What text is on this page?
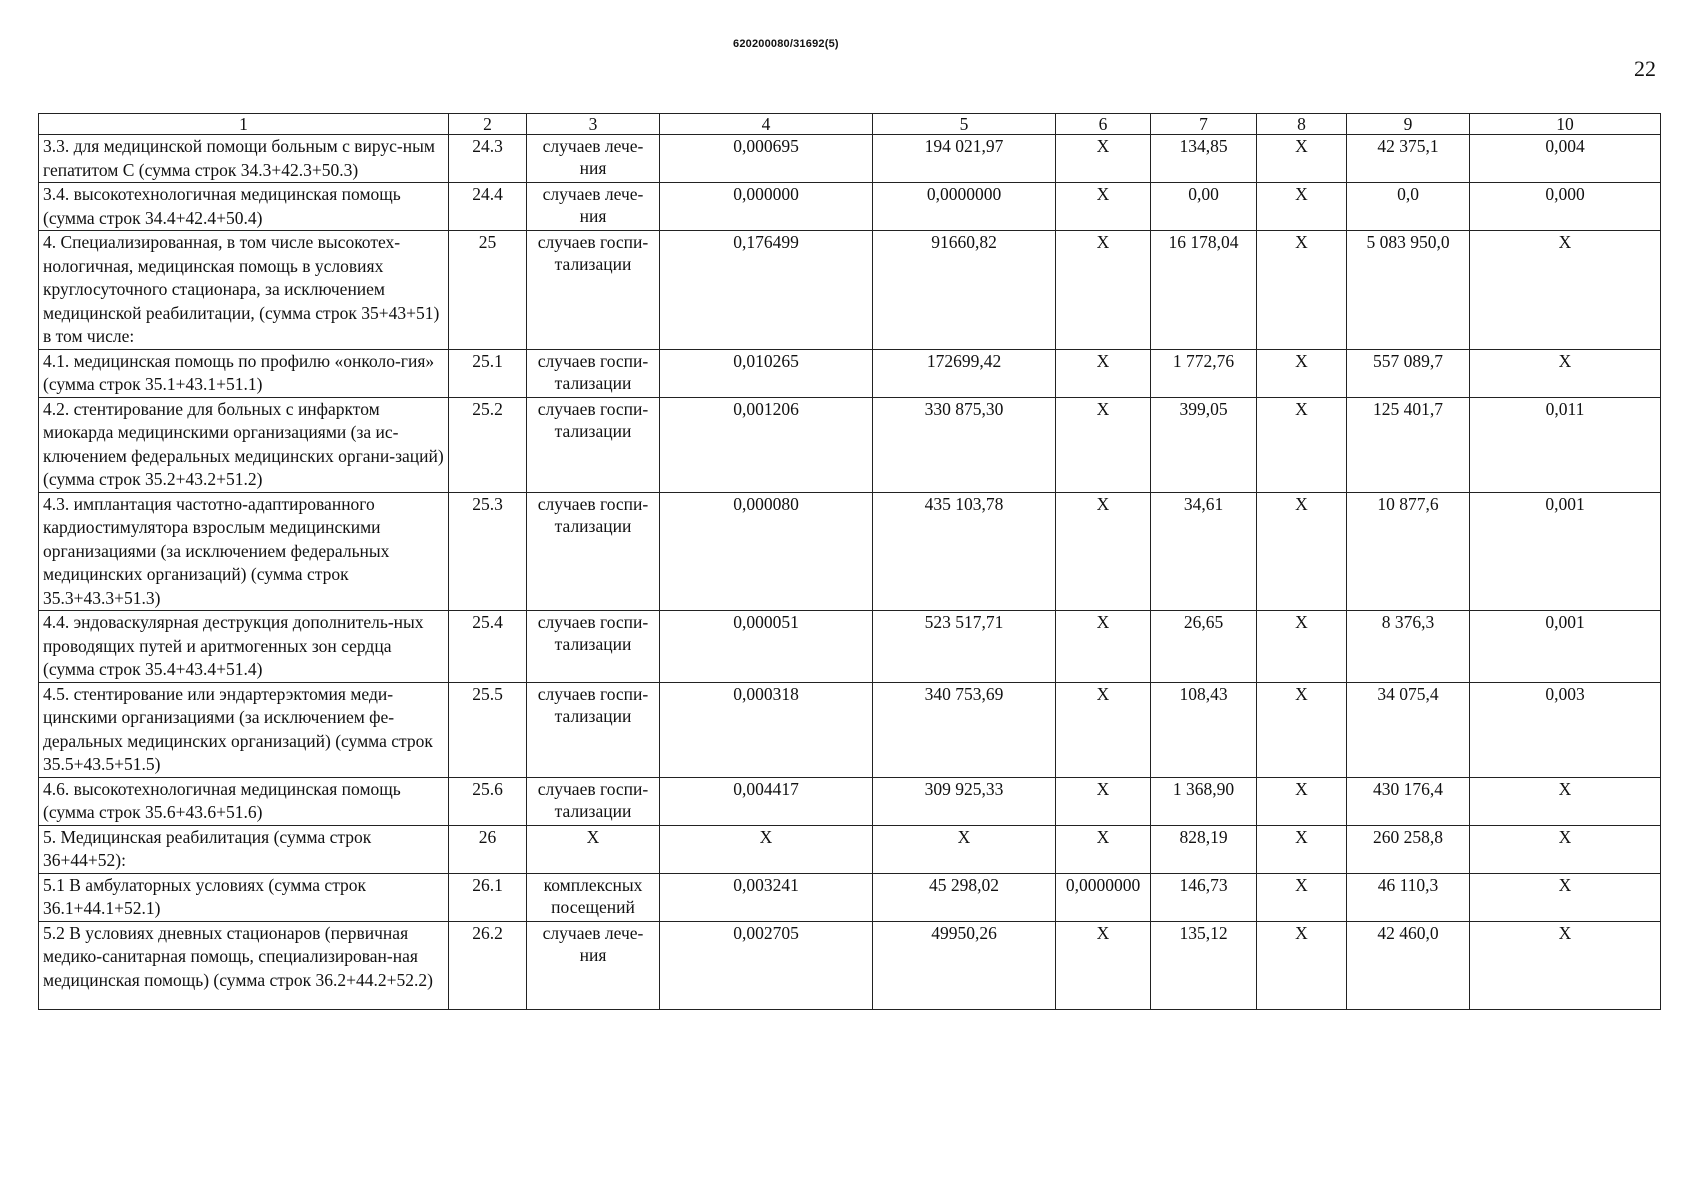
620200080/31692(5)
22
1	2	3	4	5	6	7	8	9	10
3.3. для медицинской помощи больным с вирус-ным гепатитом С (сумма строк 34.3+42.3+50.3)	24.3	случаев лече-ния	0,000695	194 021,97	Х	134,85	Х	42 375,1	0,004
3.4. высокотехнологичная медицинская помощь (сумма строк 34.4+42.4+50.4)	24.4	случаев лече-ния	0,000000	0,0000000	Х	0,00	Х	0,0	0,000
4. Специализированная, в том числе высокотех-нологичная, медицинская помощь в условиях круглосуточного стационара, за исключением медицинской реабилитации, (сумма строк 35+43+51) в том числе:	25	случаев госпи-тализации	0,176499	91660,82	Х	16 178,04	Х	5 083 950,0	Х
4.1. медицинская помощь по профилю «онколо-гия» (сумма строк 35.1+43.1+51.1)	25.1	случаев госпи-тализации	0,010265	172699,42	Х	1 772,76	Х	557 089,7	Х
4.2. стентирование для больных с инфарктом миокарда медицинскими организациями (за ис-ключением федеральных медицинских органи-заций) (сумма строк 35.2+43.2+51.2)	25.2	случаев госпи-тализации	0,001206	330 875,30	Х	399,05	Х	125 401,7	0,011
4.3. имплантация частотно-адаптированного кардиостимулятора взрослым медицинскими организациями (за исключением федеральных медицинских организаций) (сумма строк 35.3+43.3+51.3)	25.3	случаев госпи-тализации	0,000080	435 103,78	Х	34,61	Х	10 877,6	0,001
4.4. эндоваскулярная деструкция дополнитель-ных проводящих путей и аритмогенных зон сердца (сумма строк 35.4+43.4+51.4)	25.4	случаев госпи-тализации	0,000051	523 517,71	Х	26,65	Х	8 376,3	0,001
4.5. стентирование или эндартерэктомия меди-цинскими организациями (за исключением фе-деральных медицинских организаций) (сумма строк 35.5+43.5+51.5)	25.5	случаев госпи-тализации	0,000318	340 753,69	Х	108,43	Х	34 075,4	0,003
4.6. высокотехнологичная медицинская помощь (сумма строк 35.6+43.6+51.6)	25.6	случаев госпи-тализации	0,004417	309 925,33	Х	1 368,90	Х	430 176,4	Х
5. Медицинская реабилитация (сумма строк 36+44+52):	26	Х	Х	Х	Х	828,19	Х	260 258,8	Х
5.1 В амбулаторных условиях (сумма строк 36.1+44.1+52.1)	26.1	комплексных посещений	0,003241	45 298,02	0,0000000	146,73	Х	46 110,3	Х
5.2 В условиях дневных стационаров (первичная медико-санитарная помощь, специализирован-ная медицинская помощь) (сумма строк 36.2+44.2+52.2)	26.2	случаев лече-ния	0,002705	49950,26	Х	135,12	Х	42 460,0	Х
